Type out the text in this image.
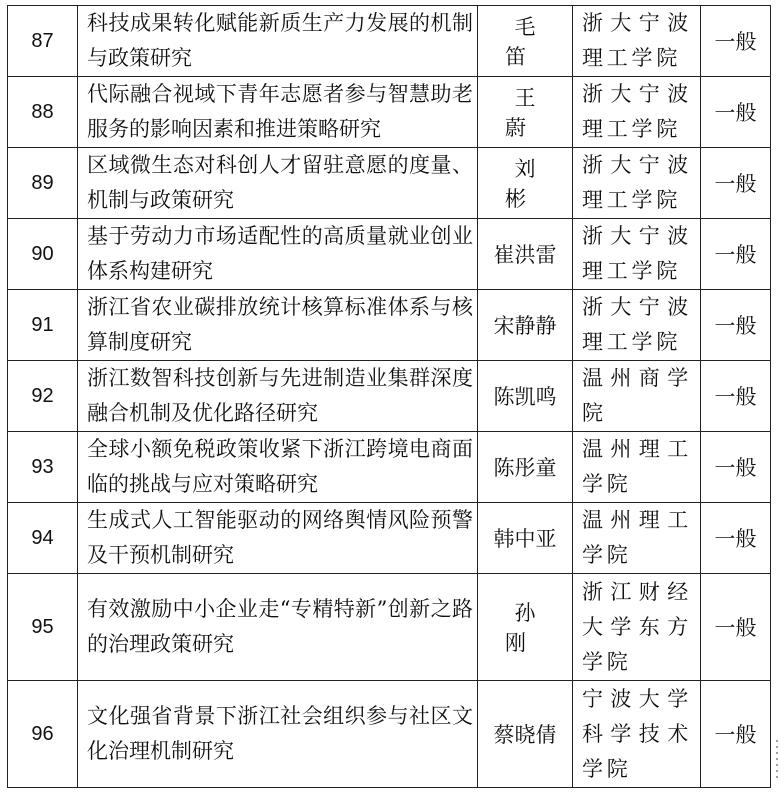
87	科技成果转化赋能新质生产力发展的机制与政策研究	毛笛	浙大宁波理工学院	一般
88	代际融合视域下青年志愿者参与智慧助老服务的影响因素和推进策略研究	王蔚	浙大宁波理工学院	一般
89	区域微生态对科创人才留驻意愿的度量、机制与政策研究	刘彬	浙大宁波理工学院	一般
90	基于劳动力市场适配性的高质量就业创业体系构建研究	崔洪雷	浙大宁波理工学院	一般
91	浙江省农业碳排放统计核算标准体系与核算制度研究	宋静静	浙大宁波理工学院	一般
92	浙江数智科技创新与先进制造业集群深度融合机制及优化路径研究	陈凯鸣	温州商学院	一般
93	全球小额免税政策收紧下浙江跨境电商面临的挑战与应对策略研究	陈彤童	温州理工学院	一般
94	生成式人工智能驱动的网络舆情风险预警及干预机制研究	韩中亚	温州理工学院	一般
95	有效激励中小企业走“专精特新”创新之路的治理政策研究	孙刚	浙江财经大学东方学院	一般
96	文化强省背景下浙江社会组织参与社区文化治理机制研究	蔡晓倩	宁波大学科学技术学院	一般
